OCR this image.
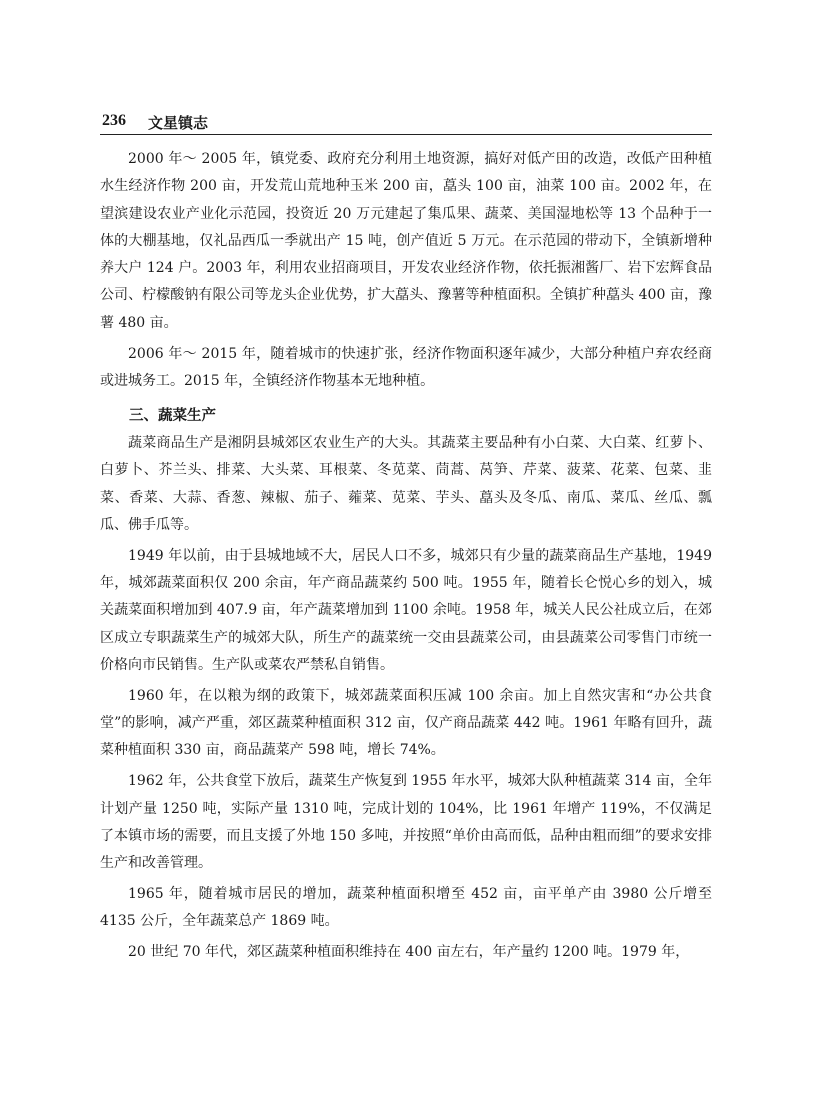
236 文星镇志

2000 年～ 2005 年，镇党委、政府充分利用土地资源，搞好对低产田的改造，改低产田种植水生经济作物 200 亩，开发荒山荒地种玉米 200 亩，藠头 100 亩，油菜 100 亩。2002 年，在望滨建设农业产业化示范园，投资近 20 万元建起了集瓜果、蔬菜、美国湿地松等 13 个品种于一体的大棚基地，仅礼品西瓜一季就出产 15 吨，创产值近 5 万元。在示范园的带动下，全镇新增种养大户 124 户。2003 年，利用农业招商项目，开发农业经济作物，依托振湘酱厂、岩下宏辉食品公司、柠檬酸钠有限公司等龙头企业优势，扩大藠头、豫薯等种植面积。全镇扩种藠头 400 亩，豫薯 480 亩。

2006 年～ 2015 年，随着城市的快速扩张，经济作物面积逐年减少，大部分种植户弃农经商或进城务工。2015 年，全镇经济作物基本无地种植。

三、蔬菜生产

蔬菜商品生产是湘阴县城郊区农业生产的大头。其蔬菜主要品种有小白菜、大白菜、红萝卜、白萝卜、芥兰头、排菜、大头菜、耳根菜、冬苋菜、茼蒿、莴笋、芹菜、菠菜、花菜、包菜、韭菜、香菜、大蒜、香葱、辣椒、茄子、蕹菜、苋菜、芋头、藠头及冬瓜、南瓜、菜瓜、丝瓜、瓢瓜、佛手瓜等。

1949 年以前，由于县城地域不大，居民人口不多，城郊只有少量的蔬菜商品生产基地，1949 年，城郊蔬菜面积仅 200 余亩，年产商品蔬菜约 500 吨。1955 年，随着长仑悦心乡的划入，城关蔬菜面积增加到 407.9 亩，年产蔬菜增加到 1100 余吨。1958 年，城关人民公社成立后，在郊区成立专职蔬菜生产的城郊大队，所生产的蔬菜统一交由县蔬菜公司，由县蔬菜公司零售门市统一价格向市民销售。生产队或菜农严禁私自销售。

1960 年，在以粮为纲的政策下，城郊蔬菜面积压减 100 余亩。加上自然灾害和“办公共食堂”的影响，减产严重，郊区蔬菜种植面积 312 亩，仅产商品蔬菜 442 吨。1961 年略有回升，蔬菜种植面积 330 亩，商品蔬菜产 598 吨，增长 74%。

1962 年，公共食堂下放后，蔬菜生产恢复到 1955 年水平，城郊大队种植蔬菜 314 亩，全年计划产量 1250 吨，实际产量 1310 吨，完成计划的 104%，比 1961 年增产 119%，不仅满足了本镇市场的需要，而且支援了外地 150 多吨，并按照“单价由高而低，品种由粗而细”的要求安排生产和改善管理。

1965 年，随着城市居民的增加，蔬菜种植面积增至 452 亩，亩平单产由 3980 公斤增至 4135 公斤，全年蔬菜总产 1869 吨。

20 世纪 70 年代，郊区蔬菜种植面积维持在 400 亩左右，年产量约 1200 吨。1979 年，
